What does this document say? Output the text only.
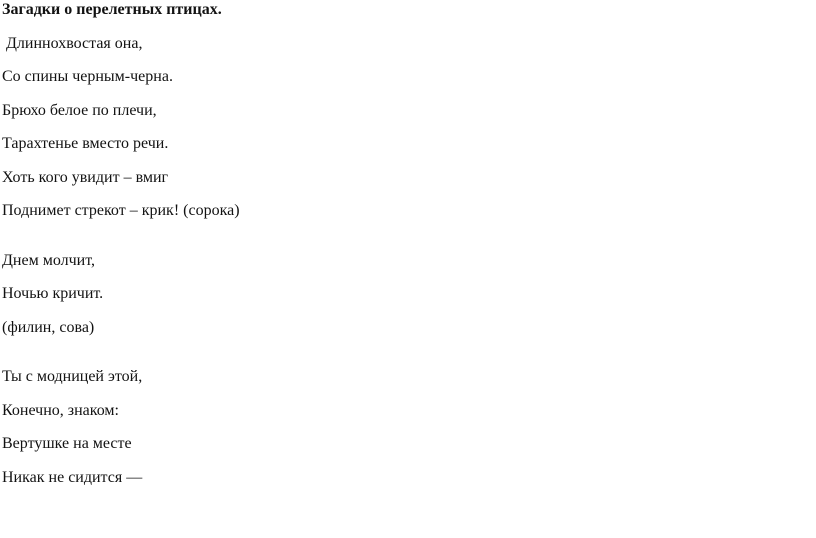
Загадки о перелетных птицах.

Длиннохвостая она,

Со спины черным-черна.

Брюхо белое по плечи,

Тарахтенье вместо речи.

Хоть кого увидит – вмиг

Поднимет стрекот – крик! (сорока)

Днем молчит,

Ночью кричит.

(филин, сова)

Ты с модницей этой,

Конечно, знаком:

Вертушке на месте

Никак не сидится —
